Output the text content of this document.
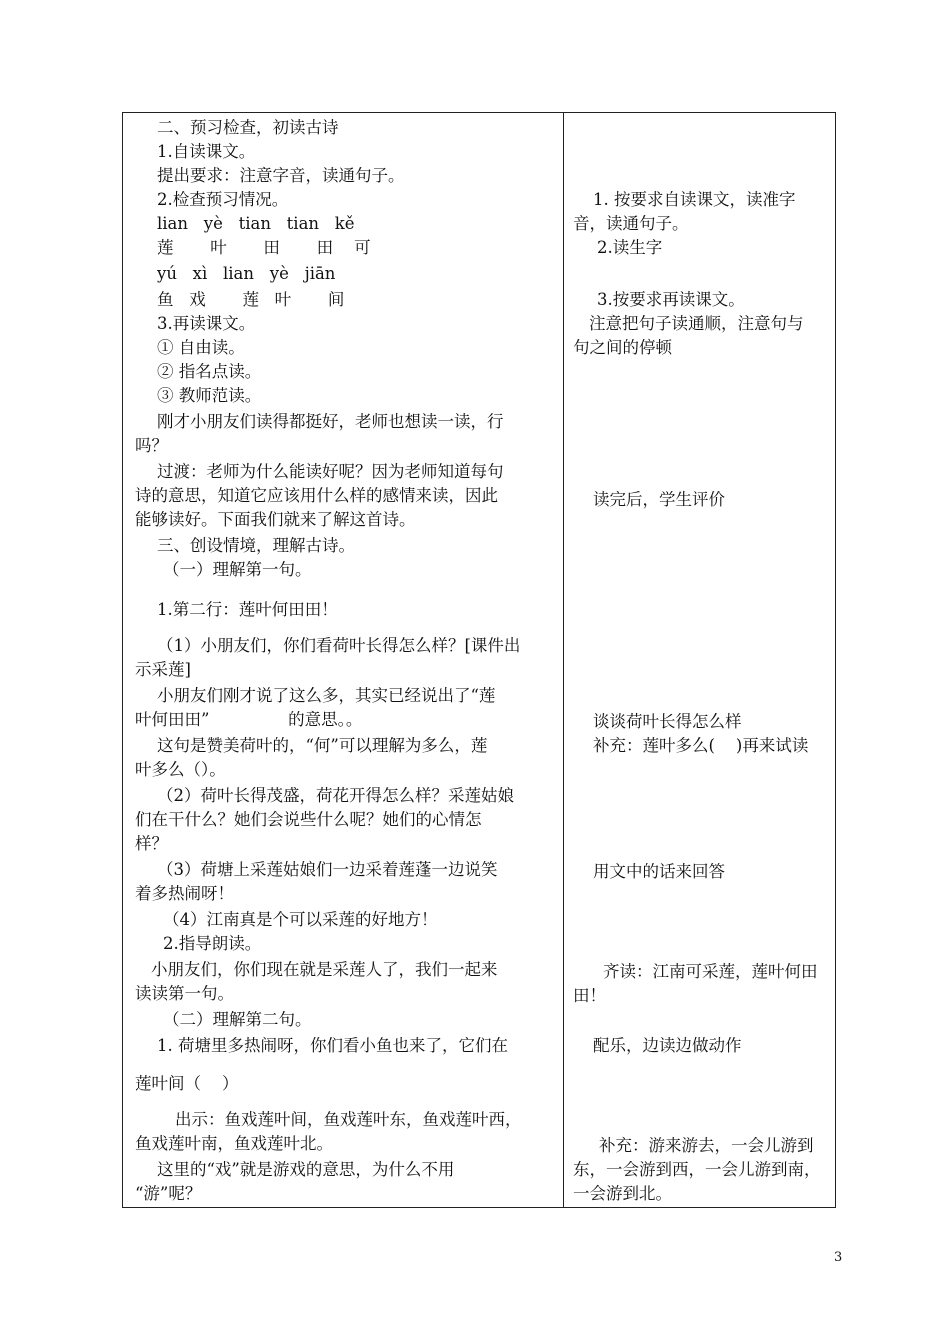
二、预习检查，初读古诗
1.自读课文。
提出要求：注意字音，读通句子。
2.检查预习情况。
lian   yè   tian   tian   kě
莲       叶       田       田    可
yú   xì   lian   yè   jiān
鱼   戏       莲   叶       间
3.再读课文。
① 自由读。
② 指名点读。
③ 教师范读。
刚才小朋友们读得都挺好，老师也想读一读，行
吗？
过渡：老师为什么能读好呢？因为老师知道每句
诗的意思，知道它应该用什么样的感情来读，因此
能够读好。下面我们就来了解这首诗。
三、创设情境，理解古诗。
（一）理解第一句。
1.第二行：莲叶何田田！
（1）小朋友们，你们看荷叶长得怎么样？[课件出
示采莲]
小朋友们刚才说了这么多，其实已经说出了“莲
叶何田田”               的意思。。
这句是赞美荷叶的，“何”可以理解为多么，莲
叶多么（）。
（2）荷叶长得茂盛，荷花开得怎么样？采莲姑娘
们在干什么？她们会说些什么呢？她们的心情怎
样？
（3）荷塘上采莲姑娘们一边采着莲蓬一边说笑
着多热闹呀！
（4）江南真是个可以采莲的好地方！
2.指导朗读。
小朋友们，你们现在就是采莲人了，我们一起来
读读第一句。
（二）理解第二句。
1. 荷塘里多热闹呀，你们看小鱼也来了，它们在
莲叶间（    ）
出示：鱼戏莲叶间，鱼戏莲叶东，鱼戏莲叶西，
鱼戏莲叶南，鱼戏莲叶北。
这里的“戏”就是游戏的意思，为什么不用
“游”呢？
1. 按要求自读课文，读准字
音，读通句子。
2.读生字
3.按要求再读课文。
注意把句子读通顺，注意句与
句之间的停顿
读完后，学生评价
谈谈荷叶长得怎么样
补充：莲叶多么(    )再来试读
用文中的话来回答
齐读：江南可采莲，莲叶何田
田！
配乐，边读边做动作
补充：游来游去，一会儿游到
东，一会游到西，一会儿游到南，
一会游到北。
3
